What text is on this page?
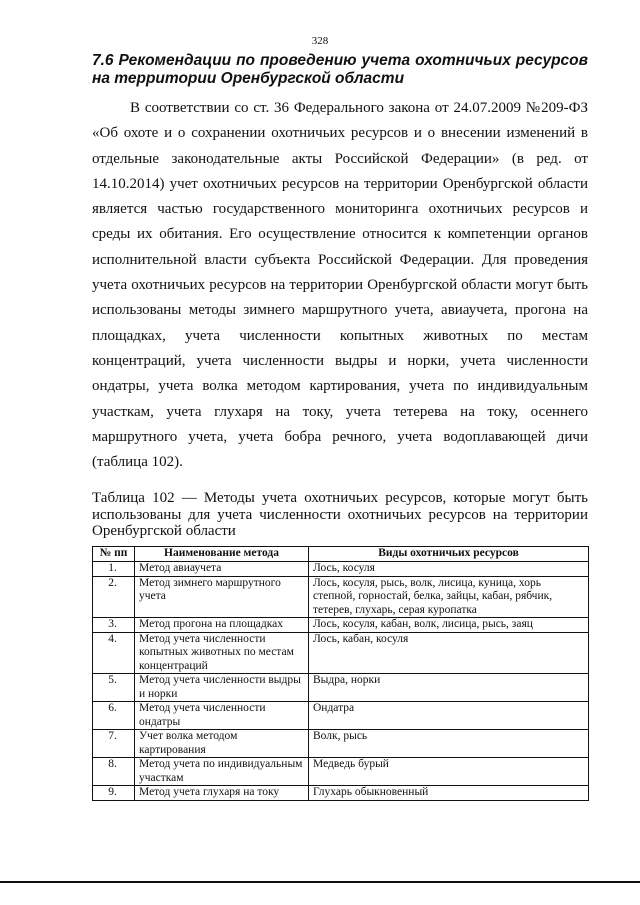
328
7.6 Рекомендации по проведению учета охотничьих ресурсов на территории Оренбургской области

В соответствии со ст. 36 Федерального закона от 24.07.2009 №209-ФЗ «Об охоте и о сохранении охотничьих ресурсов и о внесении изменений в отдельные законодательные акты Российской Федерации» (в ред. от 14.10.2014) учет охотничьих ресурсов на территории Оренбургской области является частью государственного мониторинга охотничьих ресурсов и среды их обитания. Его осуществление относится к компетенции органов исполнительной власти субъекта Российской Федерации. Для проведения учета охотничьих ресурсов на территории Оренбургской области могут быть использованы методы зимнего маршрутного учета, авиаучета, прогона на площадках, учета численности копытных животных по местам концентраций, учета численности выдры и норки, учета численности ондатры, учета волка методом картирования, учета по индивидуальным участкам, учета глухаря на току, учета тетерева на току, осеннего маршрутного учета, учета бобра речного, учета водоплавающей дичи (таблица 102).

Таблица 102 — Методы учета охотничьих ресурсов, которые могут быть использованы для учета численности охотничьих ресурсов на территории Оренбургской области

№ пп	Наименование метода	Виды охотничьих ресурсов
1.	Метод авиаучета	Лось, косуля
2.	Метод зимнего маршрутного учета	Лось, косуля, рысь, волк, лисица, куница, хорь степной, горностай, белка, зайцы, кабан, рябчик, тетерев, глухарь, серая куропатка
3.	Метод прогона на площадках	Лось, косуля, кабан, волк, лисица, рысь, заяц
4.	Метод учета численности копытных животных по местам концентраций	Лось, кабан, косуля
5.	Метод учета численности выдры и норки	Выдра, норки
6.	Метод учета численности ондатры	Ондатра
7.	Учет волка методом картирования	Волк, рысь
8.	Метод учета по индивидуальным участкам	Медведь бурый
9.	Метод учета глухаря на току	Глухарь обыкновенный
